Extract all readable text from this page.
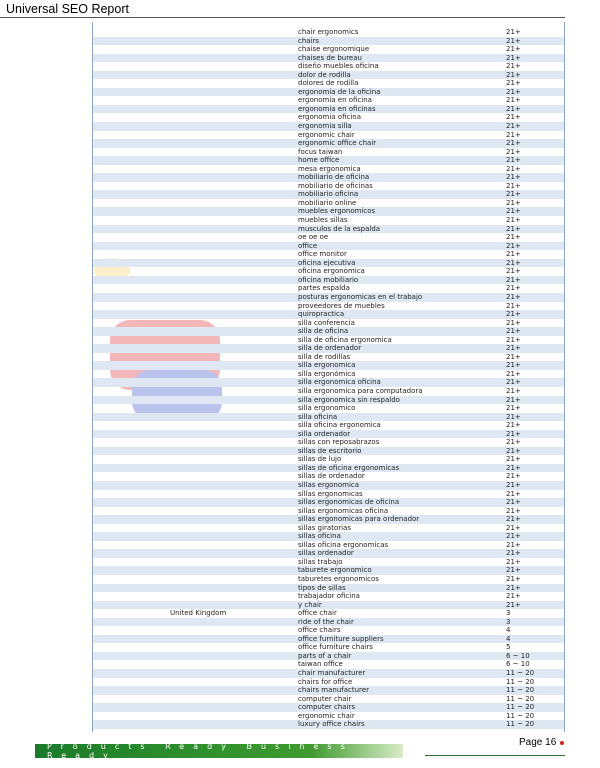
Universal SEO Report
chair ergonomics	21+
chairs	21+
chaise ergonomique	21+
chaises de bureau	21+
diseño muebles oficina	21+
dolor de rodilla	21+
dolores de rodilla	21+
ergonomia de la oficina	21+
ergonomia en oficina	21+
ergonomia en oficinas	21+
ergonomia oficina	21+
ergonomia silla	21+
ergonomic chair	21+
ergonomic office chair	21+
focus taiwan	21+
home office	21+
mesa ergonomica	21+
mobiliario de oficina	21+
mobiliario de oficinas	21+
mobiliario oficina	21+
mobiliario online	21+
muebles ergonomicos	21+
muebles sillas	21+
musculos de la espalda	21+
oe oe oe	21+
office	21+
office monitor	21+
oficina ejecutiva	21+
oficina ergonomica	21+
oficina mobiliario	21+
partes espalda	21+
posturas ergonomicas en el trabajo	21+
proveedores de muebles	21+
quiropractica	21+
silla conferencia	21+
silla de oficina	21+
silla de oficina ergonomica	21+
silla de ordenador	21+
silla de rodillas	21+
silla ergonomica	21+
silla ergonómica	21+
silla ergonomica oficina	21+
silla ergonomica para computadora	21+
silla ergonomica sin respaldo	21+
silla ergonomico	21+
silla oficina	21+
silla oficina ergonomica	21+
silla ordenador	21+
sillas con reposabrazos	21+
sillas de escritorio	21+
sillas de lujo	21+
sillas de oficina ergonomicas	21+
sillas de ordenador	21+
sillas ergonomica	21+
sillas ergonomicas	21+
sillas ergonomicas de oficina	21+
sillas ergonomicas oficina	21+
sillas ergonomicas para ordenador	21+
sillas giratorias	21+
sillas oficina	21+
sillas oficina ergonomicas	21+
sillas ordenador	21+
sillas trabajo	21+
taburete ergonomico	21+
taburetes ergonomicos	21+
tipos de sillas	21+
trabajador oficina	21+
y chair	21+
United Kingdom	office chair	3
ride of the chair	3
office chairs	4
office furniture suppliers	4
office furniture chairs	5
parts of a chair	6 ~ 10
taiwan office	6 ~ 10
chair manufacturer	11 ~ 20
chairs for office	11 ~ 20
chairs manufacturer	11 ~ 20
computer chair	11 ~ 20
computer chairs	11 ~ 20
ergonomic chair	11 ~ 20
luxury office chairs	11 ~ 20
Products Ready Business Ready
Page 16
